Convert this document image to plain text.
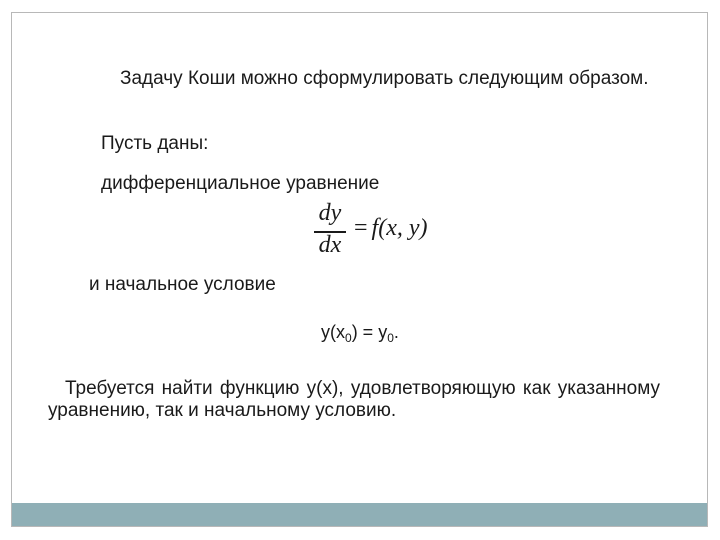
Задачу Коши можно сформулировать следующим образом.
Пусть даны:
дифференциальное уравнение
dy
dx
= f(x, y)
и начальное условие
$y(x_0) = y_0$.
Требуется найти функцию y(x), удовлетворяющую как указанному уравнению, так и начальному условию.
